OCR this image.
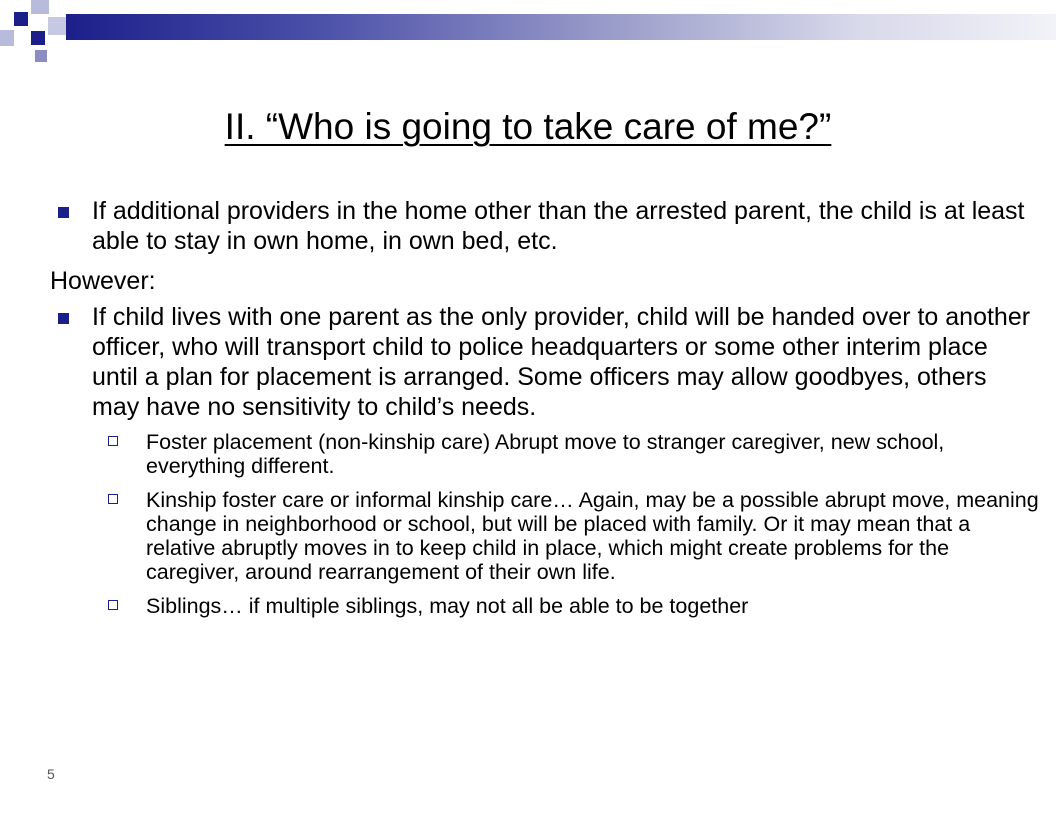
II. “Who is going to take care of me?”
If additional providers in the home other than the arrested parent, the child is at least able to stay in own home, in own bed, etc.
However:
If child lives with one parent as the only provider, child will be handed over to another officer, who will transport child to police headquarters or some other interim place until a plan for placement is arranged. Some officers may allow goodbyes, others may have no sensitivity to child’s needs.
Foster placement (non-kinship care) Abrupt move to stranger caregiver, new school, everything different.
Kinship foster care or informal kinship care… Again, may be a possible abrupt move, meaning change in neighborhood or school, but will be placed with family. Or it may mean that a relative abruptly moves in to keep child in place, which might create problems for the caregiver, around rearrangement of their own life.
Siblings… if multiple siblings, may not all be able to be together
5
